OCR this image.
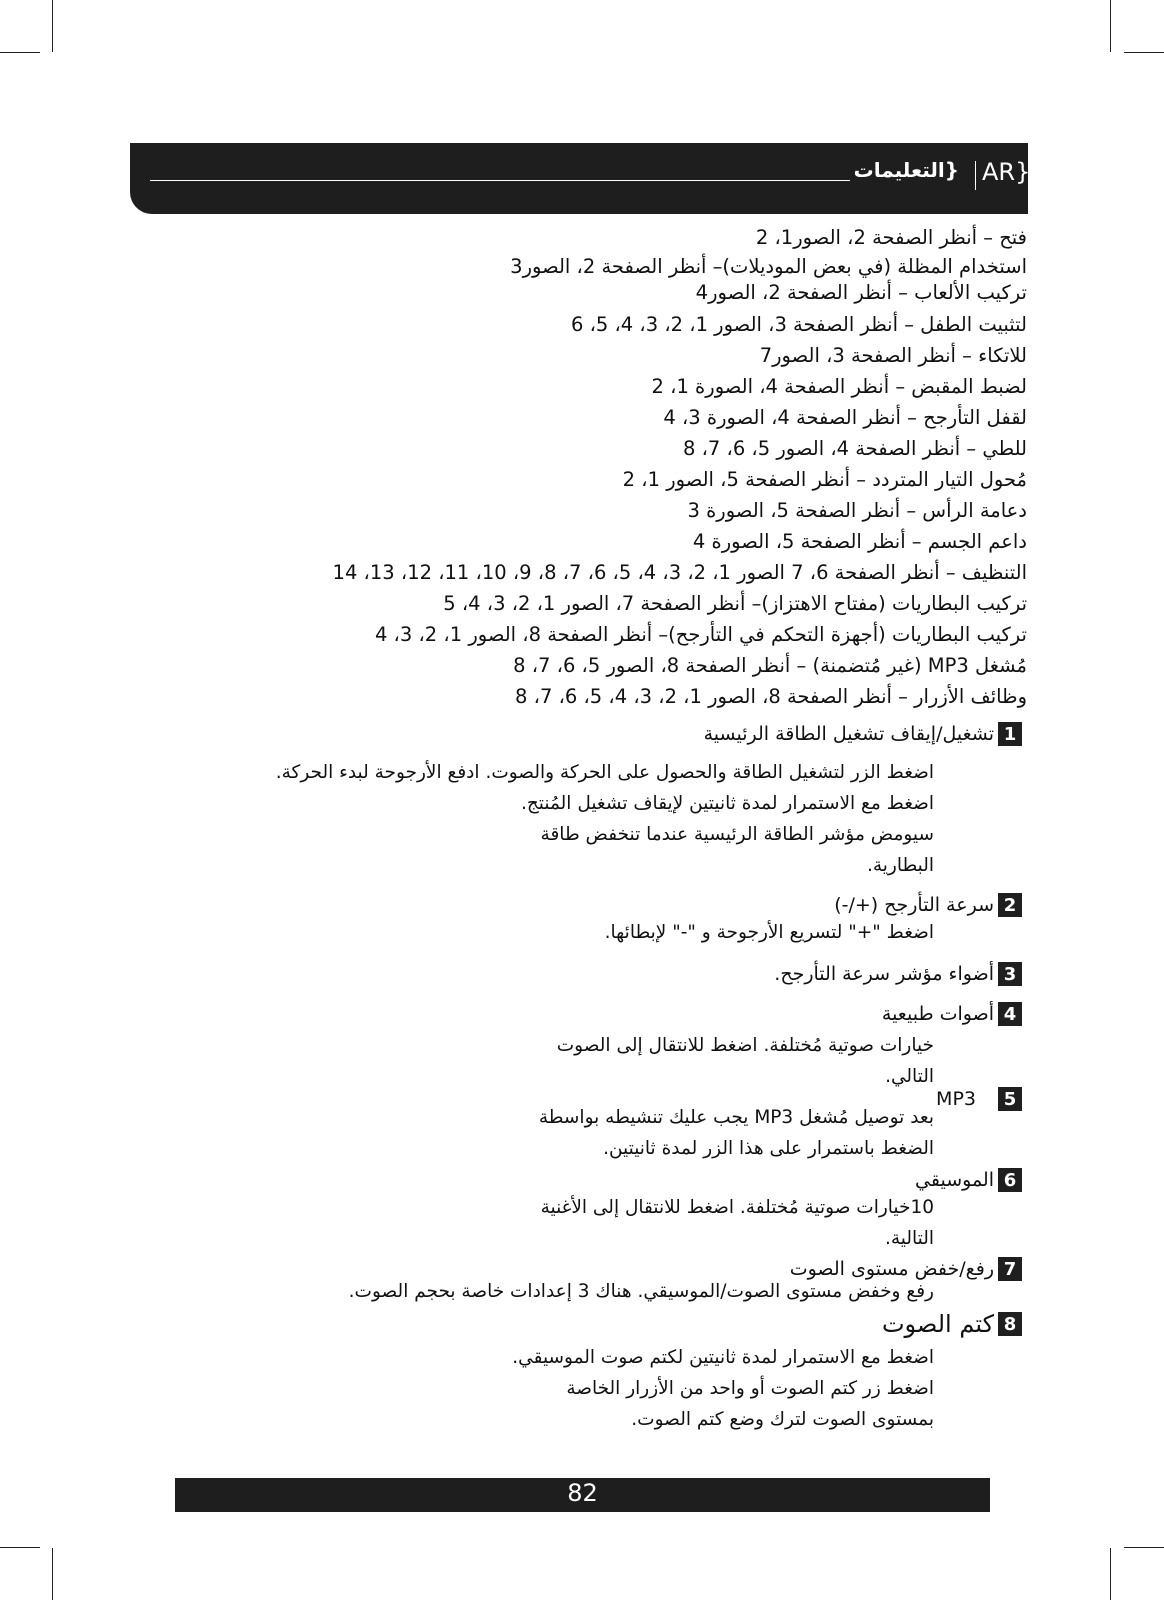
{التعليمات AR}
فتح – أنظر الصفحة 2، الصور1، 2
استخدام المظلة (في بعض الموديلات)– أنظر الصفحة 2، الصور3
تركيب الألعاب – أنظر الصفحة 2، الصور4
لتثبيت الطفل – أنظر الصفحة 3، الصور 1، 2، 3، 4، 5، 6
للاتكاء – أنظر الصفحة 3، الصور7
لضبط المقبض – أنظر الصفحة 4، الصورة 1، 2
لقفل التأرجح – أنظر الصفحة 4، الصورة 3، 4
للطي – أنظر الصفحة 4، الصور 5، 6، 7، 8
مُحول التيار المتردد – أنظر الصفحة 5، الصور 1، 2
دعامة الرأس – أنظر الصفحة 5، الصورة 3
داعم الجسم – أنظر الصفحة 5، الصورة 4
التنظيف – أنظر الصفحة 6، 7 الصور 1، 2، 3، 4، 5، 6، 7، 8، 9، 10، 11، 12، 13، 14
تركيب البطاريات (مفتاح الاهتزاز)– أنظر الصفحة 7، الصور 1، 2، 3، 4، 5
تركيب البطاريات (أجهزة التحكم في التأرجح)– أنظر الصفحة 8، الصور 1، 2، 3، 4
مُشغل MP3 (غير مُتضمنة) – أنظر الصفحة 8، الصور 5، 6، 7، 8
وظائف الأزرار – أنظر الصفحة 8، الصور 1، 2، 3، 4، 5، 6، 7، 8
1
تشغيل/إيقاف تشغيل الطاقة الرئيسية
اضغط الزر لتشغيل الطاقة والحصول على الحركة والصوت. ادفع الأرجوحة لبدء الحركة.
اضغط مع الاستمرار لمدة ثانيتين لإيقاف تشغيل المُنتج.
سيومض مؤشر الطاقة الرئيسية عندما تنخفض طاقة
البطارية.
2
سرعة التأرجح (+/-)
اضغط "+" لتسريع الأرجوحة و "-" لإبطائها.
3
أضواء مؤشر سرعة التأرجح.
4
أصوات طبيعية
خيارات صوتية مُختلفة. اضغط للانتقال إلى الصوت
التالي.
5
MP3
بعد توصيل مُشغل MP3 يجب عليك تنشيطه بواسطة
الضغط باستمرار على هذا الزر لمدة ثانيتين.
6
الموسيقي
10خيارات صوتية مُختلفة. اضغط للانتقال إلى الأغنية
التالية.
7
رفع/خفض مستوى الصوت
رفع وخفض مستوى الصوت/الموسيقي. هناك 3 إعدادات خاصة بحجم الصوت.
8
كتم الصوت
اضغط مع الاستمرار لمدة ثانيتين لكتم صوت الموسيقي.
اضغط زر كتم الصوت أو واحد من الأزرار الخاصة
بمستوى الصوت لترك وضع كتم الصوت.
82
